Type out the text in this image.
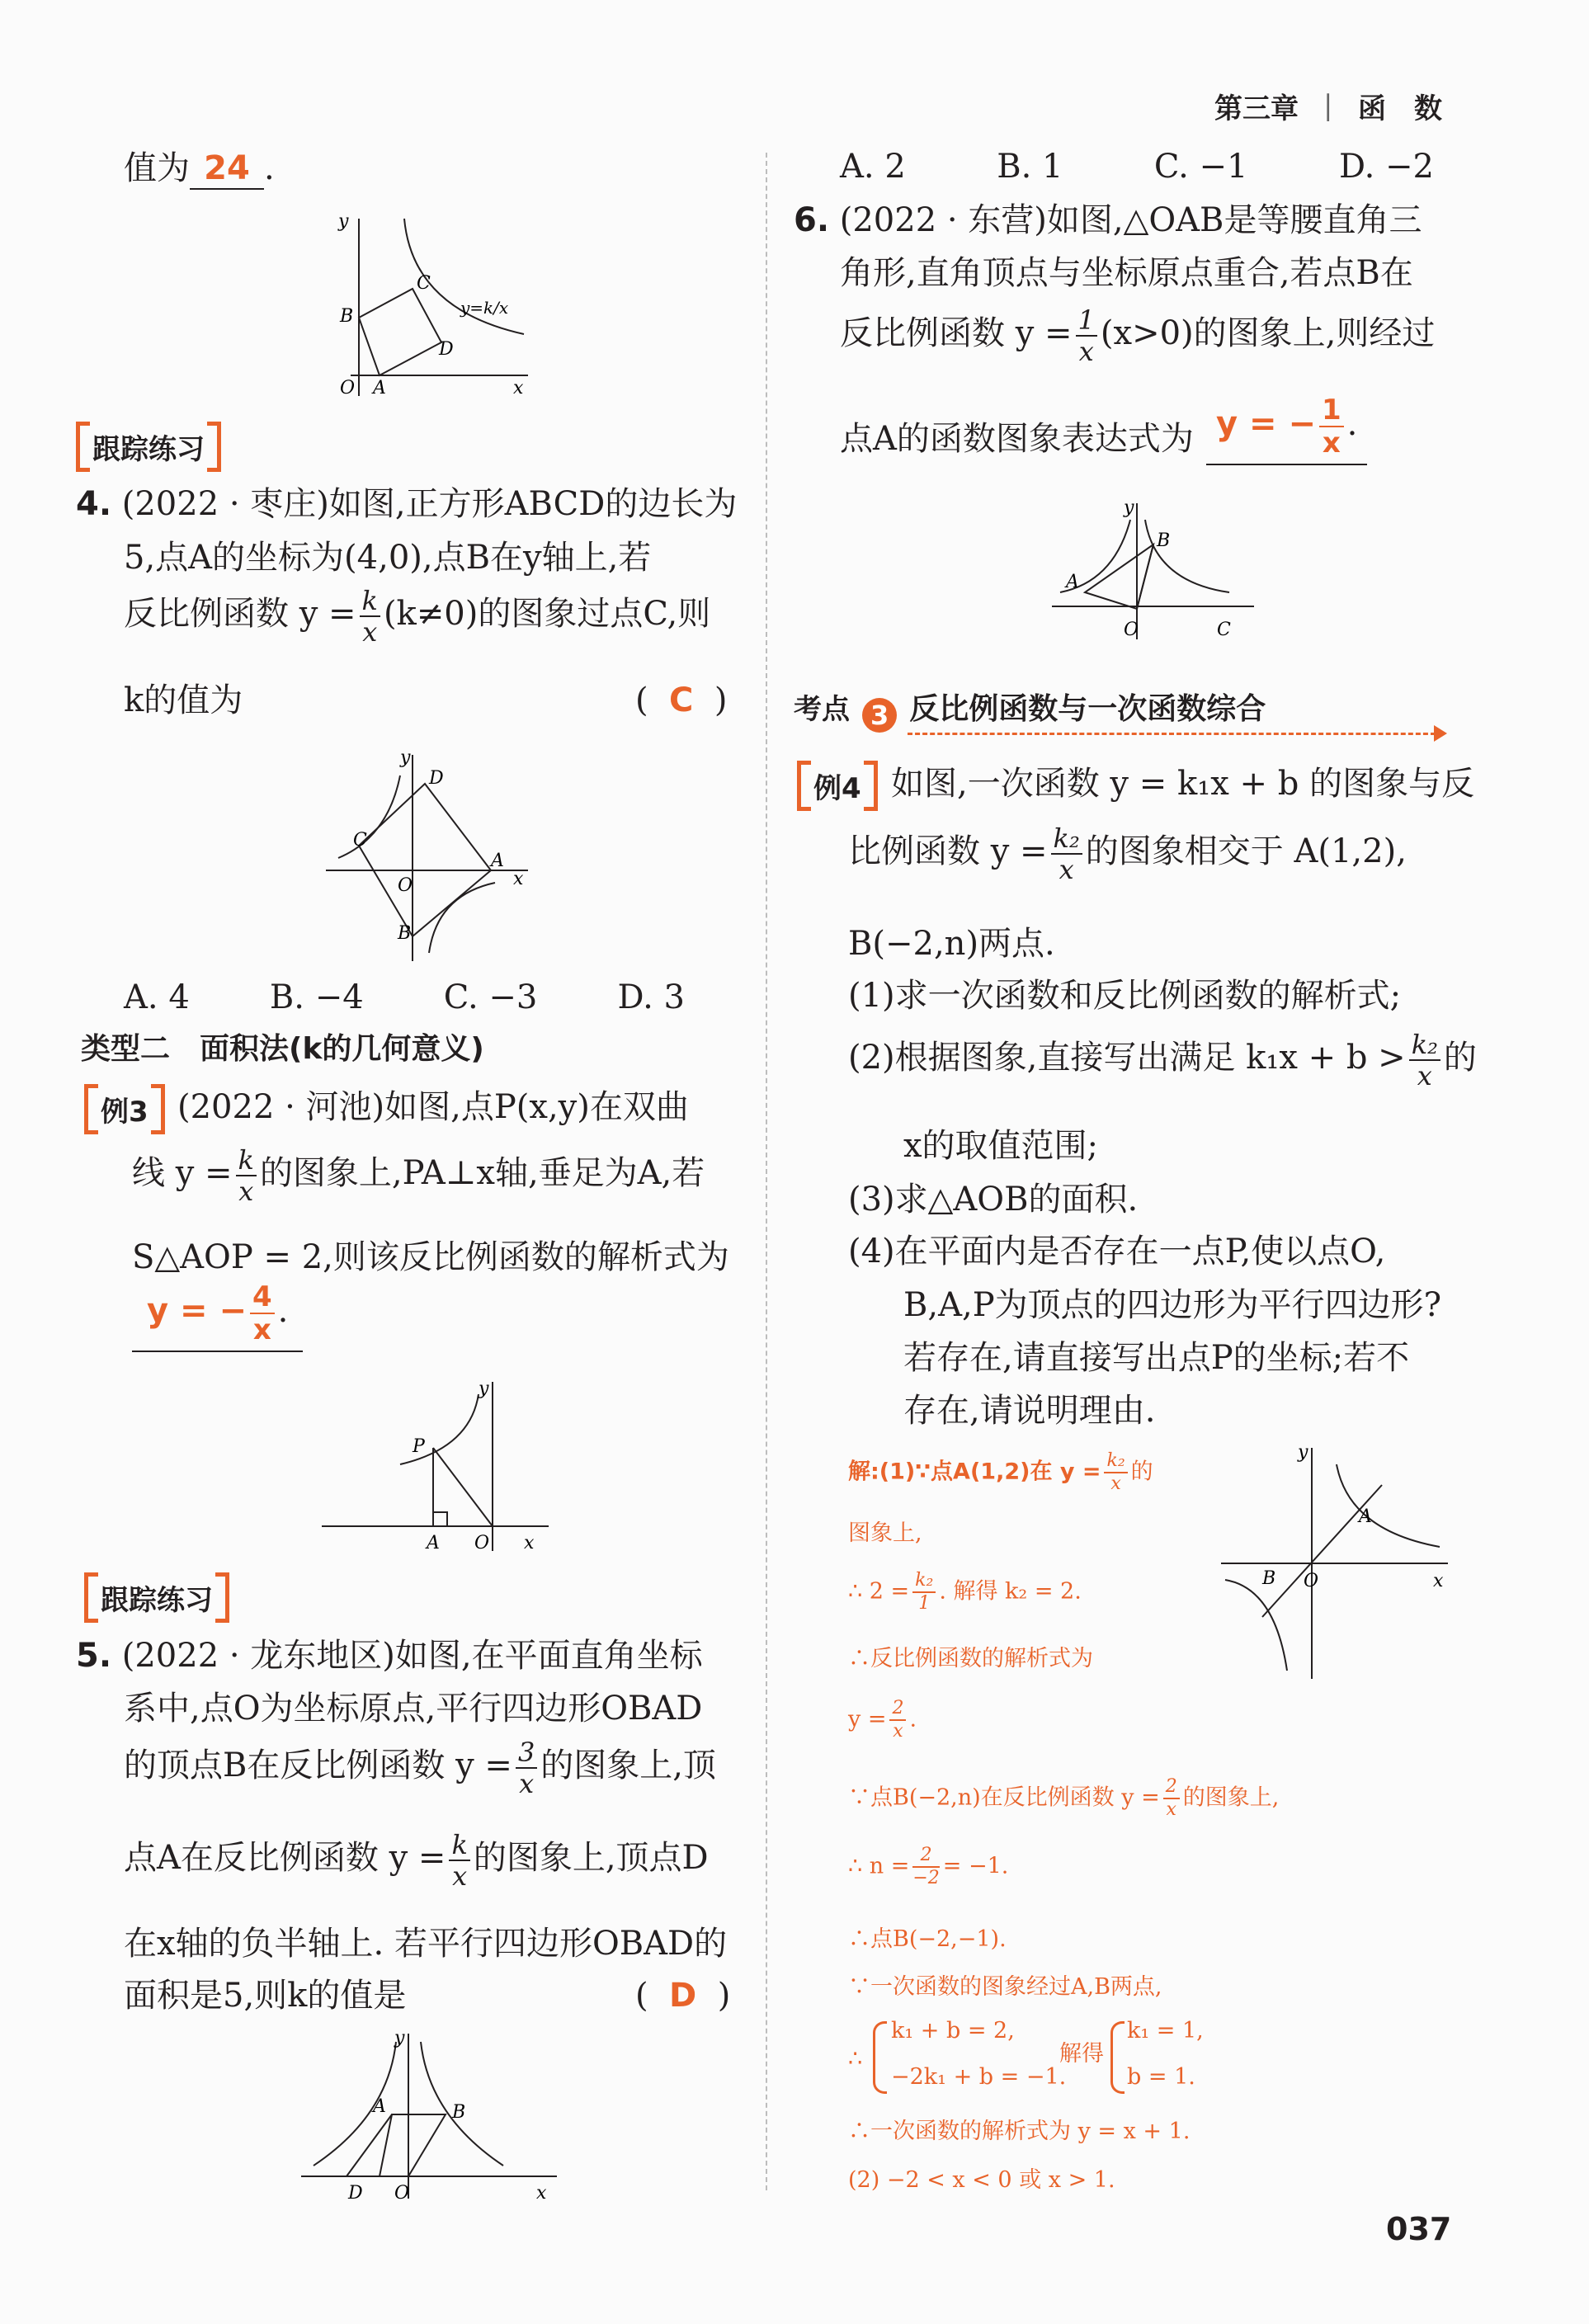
第三章 | 函　数
值为 24 .
y
B
C
y=k/x
D
O A	x
跟踪练习
4. (2022 · 枣庄)如图,正方形ABCD的边长为
5,点A的坐标为(4,0),点B在y轴上,若
反比例函数 $y = \frac{k}{x} (k\ne 0)$的图象过点C,则
k的值为	( C )
y
D
C
A
O	x
B
A. 4 B. −4 C. −3 D. 3
类型二　面积法(k的几何意义)
例3 (2022 · 河池)如图,点P(x,y)在双曲
线 $y = \frac{k}{x}$ 的图象上,PA⊥x轴,垂足为A,若
S△AOP = 2,则该反比例函数的解析式为
y = − $\frac{4}{x}$ .
y
P
A O x
跟踪练习
5. (2022 · 龙东地区)如图,在平面直角坐标
系中,点O为坐标原点,平行四边形OBAD
的顶点B在反比例函数 $y = \frac{3}{x}$ 的图象上,顶
点A在反比例函数 $y = \frac{k}{x}$ 的图象上,顶点D
在x轴的负半轴上. 若平行四边形OBAD的
面积是5,则k的值是	( D )
y
A	B
D O	x
A. 2	B. 1	C. −1	D. −2
6. (2022 · 东营)如图,△OAB是等腰直角三
角形,直角顶点与坐标原点重合,若点B在
反比例函数 $y = \frac{1}{x} (x>0)$的图象上,则经过
点A的函数图象表达式为 y = − $\frac{1}{x}$ .
y
B
A
O	C
考点 3 反比例函数与一次函数综合
例4 如图,一次函数 y = k₁x + b 的图象与反
比例函数 $y = \frac{\text{k₂}}{x}$ 的图象相交于 A(1,2),
B(−2,n)两点.
(1)求一次函数和反比例函数的解析式;
(2)根据图象,直接写出满足 $k_1x + b > \frac{\text{k₂}}{x}$ 的
x的取值范围;
(3)求△AOB的面积.
(4)在平面内是否存在一点P,使以点O,
B,A,P为顶点的四边形为平行四边形?
若存在,请直接写出点P的坐标;若不
存在,请说明理由.
y
A
B O	x
解:(1)∵点A(1,2)在 $y = \frac{\text{k₂}}{x}$ 的
图象上,
∴ $2 = \frac{\text{k₂}}{1}$ . 解得 k₂ = 2.
∴反比例函数的解析式为
$y = \frac{2}{x}$ .
∵点B(−2,n)在反比例函数 $y = \frac{2}{x}$ 的图象上,
∴ $n = \frac{2}{-2} = -1$.
∴点B(−2,−1).
∵一次函数的图象经过A,B两点,
∴
k₁ + b = 2,
−2k₁ + b = −1.
解得
k₁ = 1,
b = 1.
∴一次函数的解析式为 y = x + 1.
(2) −2 < x < 0 或 x > 1.
037
